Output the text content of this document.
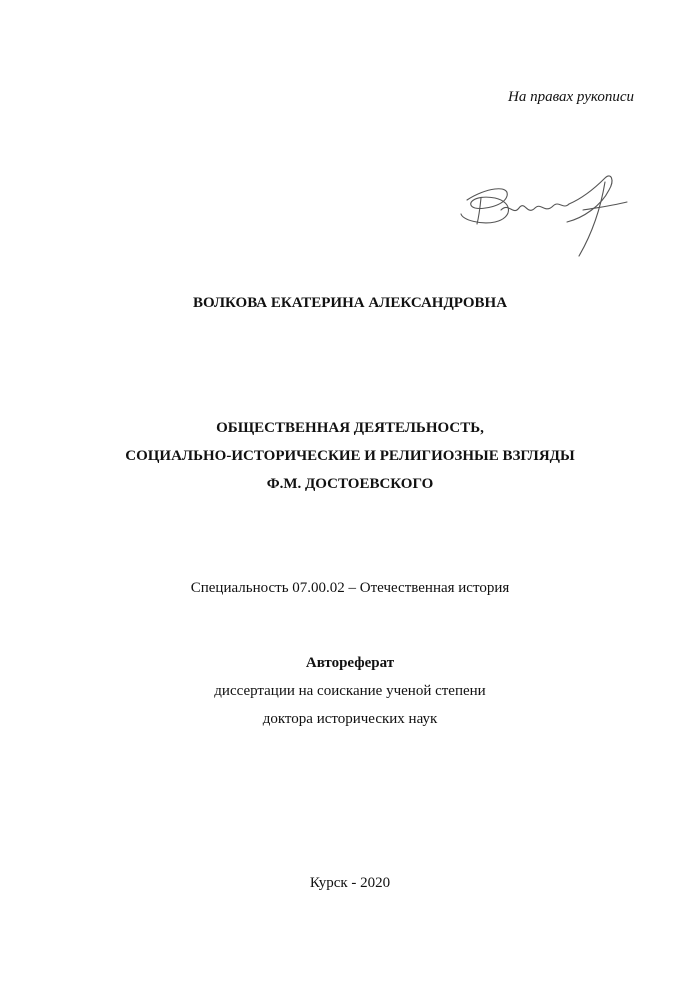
На правах рукописи
ВОЛКОВА ЕКАТЕРИНА АЛЕКСАНДРОВНА
ОБЩЕСТВЕННАЯ ДЕЯТЕЛЬНОСТЬ,
СОЦИАЛЬНО-ИСТОРИЧЕСКИЕ И РЕЛИГИОЗНЫЕ ВЗГЛЯДЫ
Ф.М. ДОСТОЕВСКОГО
Специальность 07.00.02 – Отечественная история
Автореферат
диссертации на соискание ученой степени
доктора исторических наук
Курск - 2020
